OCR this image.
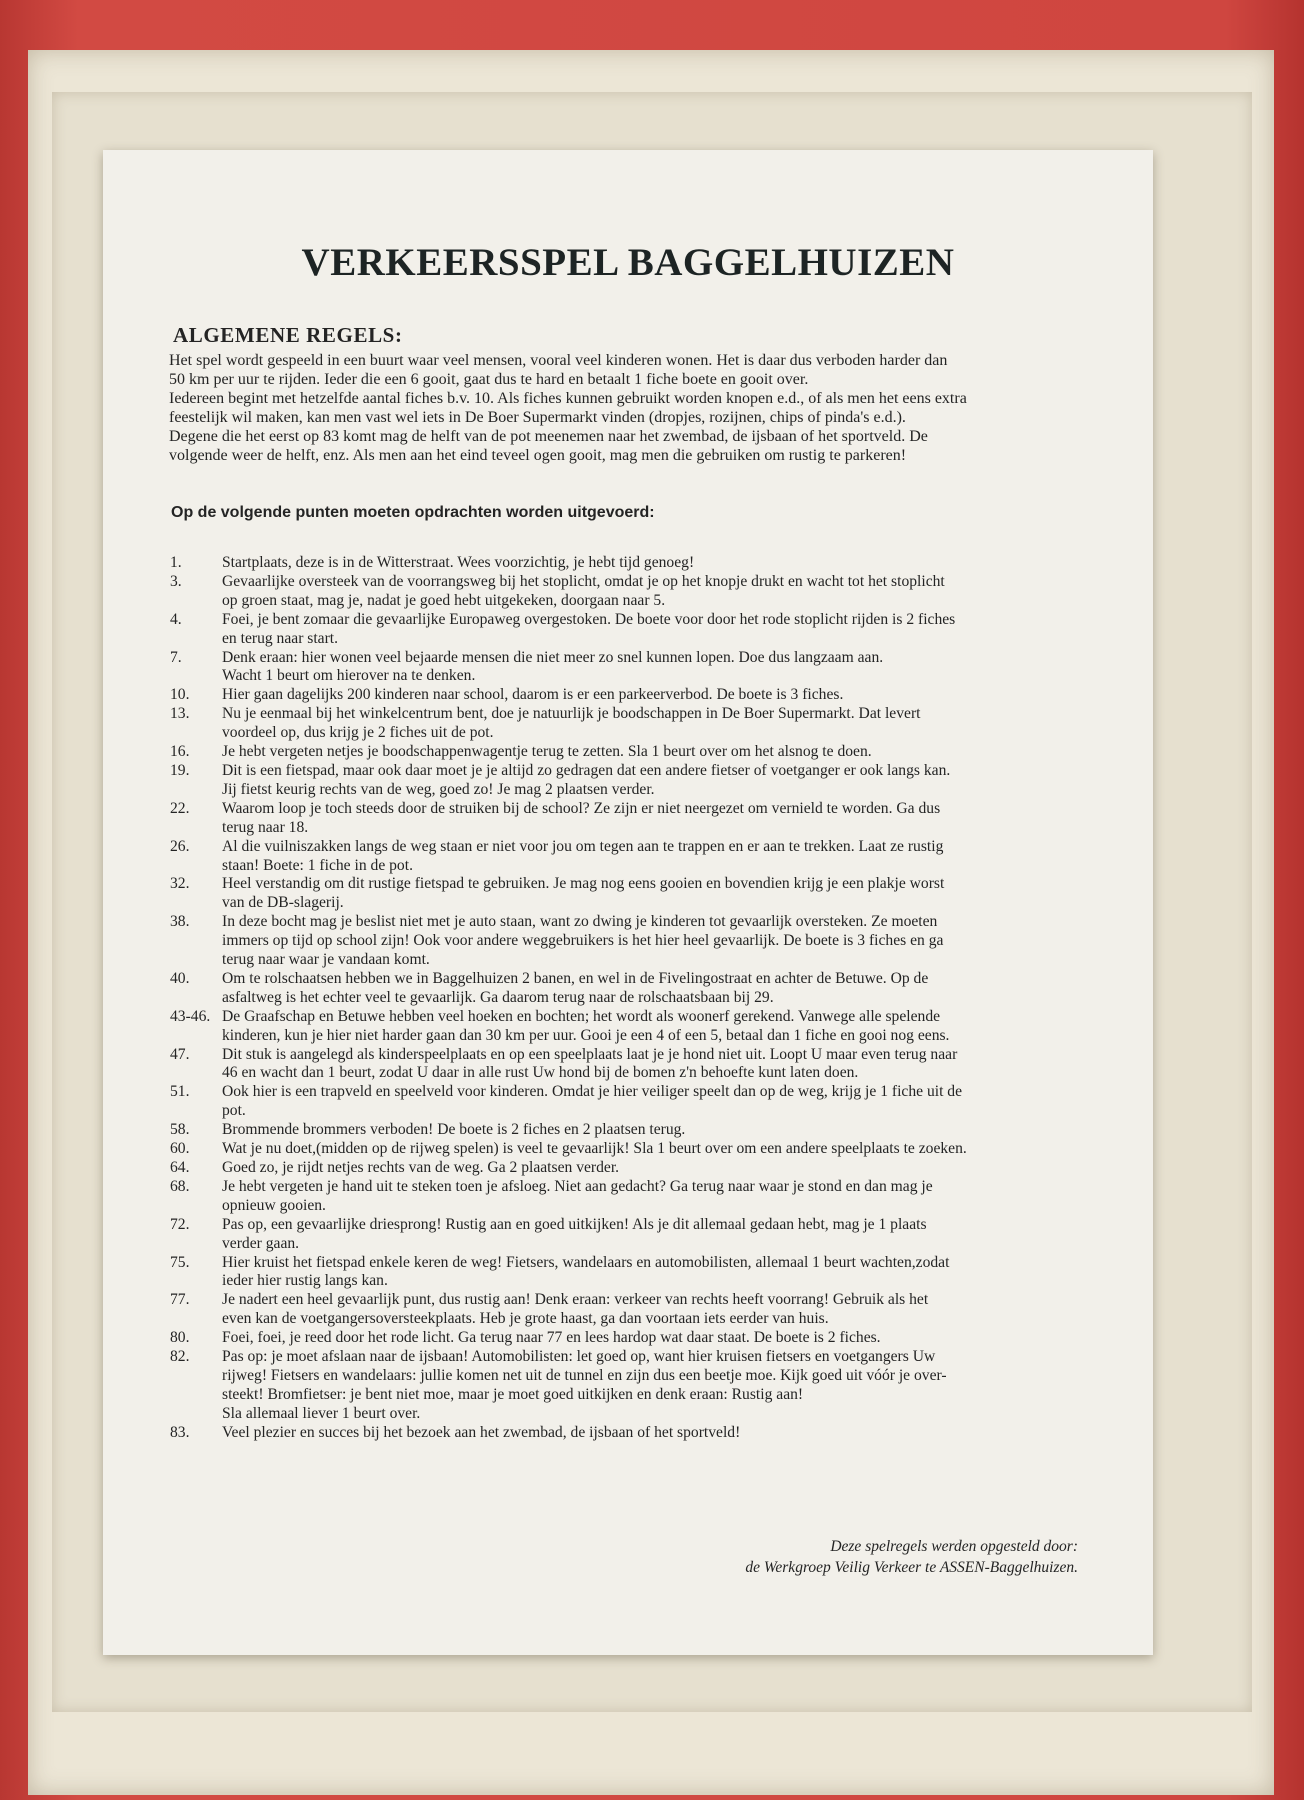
VERKEERSSPEL BAGGELHUIZEN
ALGEMENE REGELS:

Het spel wordt gespeeld in een buurt waar veel mensen, vooral veel kinderen wonen. Het is daar dus verboden harder dan

50 km per uur te rijden. Ieder die een 6 gooit, gaat dus te hard en betaalt 1 fiche boete en gooit over.

Iedereen begint met hetzelfde aantal fiches b.v. 10. Als fiches kunnen gebruikt worden knopen e.d., of als men het eens extra

feestelijk wil maken, kan men vast wel iets in De Boer Supermarkt vinden (dropjes, rozijnen, chips of pinda's e.d.).

Degene die het eerst op 83 komt mag de helft van de pot meenemen naar het zwembad, de ijsbaan of het sportveld. De

volgende weer de helft, enz. Als men aan het eind teveel ogen gooit, mag men die gebruiken om rustig te parkeren!

Op de volgende punten moeten opdrachten worden uitgevoerd:
1.	Startplaats, deze is in de Witterstraat. Wees voorzichtig, je hebt tijd genoeg!
3.	Gevaarlijke oversteek van de voorrangsweg bij het stoplicht, omdat je op het knopje drukt en wacht tot het stoplicht
op groen staat, mag je, nadat je goed hebt uitgekeken, doorgaan naar 5.
4.	Foei, je bent zomaar die gevaarlijke Europaweg overgestoken. De boete voor door het rode stoplicht rijden is 2 fiches
en terug naar start.
7.	Denk eraan: hier wonen veel bejaarde mensen die niet meer zo snel kunnen lopen. Doe dus langzaam aan.
Wacht 1 beurt om hierover na te denken.
10.	Hier gaan dagelijks 200 kinderen naar school, daarom is er een parkeerverbod. De boete is 3 fiches.
13.	Nu je eenmaal bij het winkelcentrum bent, doe je natuurlijk je boodschappen in De Boer Supermarkt. Dat levert
voordeel op, dus krijg je 2 fiches uit de pot.
16.	Je hebt vergeten netjes je boodschappenwagentje terug te zetten. Sla 1 beurt over om het alsnog te doen.
19.	Dit is een fietspad, maar ook daar moet je je altijd zo gedragen dat een andere fietser of voetganger er ook langs kan.
Jij fietst keurig rechts van de weg, goed zo! Je mag 2 plaatsen verder.
22.	Waarom loop je toch steeds door de struiken bij de school? Ze zijn er niet neergezet om vernield te worden. Ga dus
terug naar 18.
26.	Al die vuilniszakken langs de weg staan er niet voor jou om tegen aan te trappen en er aan te trekken. Laat ze rustig
staan! Boete: 1 fiche in de pot.
32.	Heel verstandig om dit rustige fietspad te gebruiken. Je mag nog eens gooien en bovendien krijg je een plakje worst
van de DB-slagerij.
38.	In deze bocht mag je beslist niet met je auto staan, want zo dwing je kinderen tot gevaarlijk oversteken. Ze moeten
immers op tijd op school zijn! Ook voor andere weggebruikers is het hier heel gevaarlijk. De boete is 3 fiches en ga
terug naar waar je vandaan komt.
40.	Om te rolschaatsen hebben we in Baggelhuizen 2 banen, en wel in de Fivelingostraat en achter de Betuwe. Op de
asfaltweg is het echter veel te gevaarlijk. Ga daarom terug naar de rolschaatsbaan bij 29.
43-46. De Graafschap en Betuwe hebben veel hoeken en bochten; het wordt als woonerf gerekend. Vanwege alle spelende
kinderen, kun je hier niet harder gaan dan 30 km per uur. Gooi je een 4 of een 5, betaal dan 1 fiche en gooi nog eens.
47.	Dit stuk is aangelegd als kinderspeelplaats en op een speelplaats laat je je hond niet uit. Loopt U maar even terug naar
46 en wacht dan 1 beurt, zodat U daar in alle rust Uw hond bij de bomen z'n behoefte kunt laten doen.
51.	Ook hier is een trapveld en speelveld voor kinderen. Omdat je hier veiliger speelt dan op de weg, krijg je 1 fiche uit de
pot.
58.	Brommende brommers verboden! De boete is 2 fiches en 2 plaatsen terug.
60.	Wat je nu doet,(midden op de rijweg spelen) is veel te gevaarlijk! Sla 1 beurt over om een andere speelplaats te zoeken.
64.	Goed zo, je rijdt netjes rechts van de weg. Ga 2 plaatsen verder.
68.	Je hebt vergeten je hand uit te steken toen je afsloeg. Niet aan gedacht? Ga terug naar waar je stond en dan mag je
opnieuw gooien.
72.	Pas op, een gevaarlijke driesprong! Rustig aan en goed uitkijken! Als je dit allemaal gedaan hebt, mag je 1 plaats
verder gaan.
75.	Hier kruist het fietspad enkele keren de weg! Fietsers, wandelaars en automobilisten, allemaal 1 beurt wachten,zodat
ieder hier rustig langs kan.
77.	Je nadert een heel gevaarlijk punt, dus rustig aan! Denk eraan: verkeer van rechts heeft voorrang! Gebruik als het
even kan de voetgangersoversteekplaats. Heb je grote haast, ga dan voortaan iets eerder van huis.
80.	Foei, foei, je reed door het rode licht. Ga terug naar 77 en lees hardop wat daar staat. De boete is 2 fiches.
82.	Pas op: je moet afslaan naar de ijsbaan! Automobilisten: let goed op, want hier kruisen fietsers en voetgangers Uw
rijweg! Fietsers en wandelaars: jullie komen net uit de tunnel en zijn dus een beetje moe. Kijk goed uit vóór je over-
steekt! Bromfietser: je bent niet moe, maar je moet goed uitkijken en denk eraan: Rustig aan!
Sla allemaal liever 1 beurt over.
83.	Veel plezier en succes bij het bezoek aan het zwembad, de ijsbaan of het sportveld!
Deze spelregels werden opgesteld door:
de Werkgroep Veilig Verkeer te ASSEN-Baggelhuizen.
